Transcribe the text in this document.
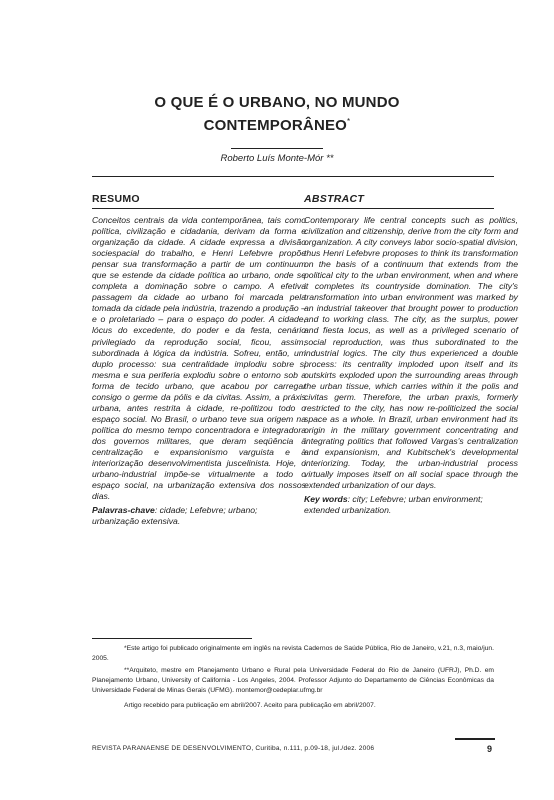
O QUE É O URBANO, NO MUNDO
CONTEMPORÂNEO*
Roberto Luís Monte-Mór **
RESUMO

Conceitos centrais da vida contemporânea, tais como política, civilização e cidadania, derivam da forma e organização da cidade. A cidade expressa a divisão sociespacial do trabalho, e Henri Lefebvre propõe pensar sua transformação a partir de um continuum que se estende da cidade política ao urbano, onde se completa a dominação sobre o campo. A efetiva passagem da cidade ao urbano foi marcada pela tomada da cidade pela indústria, trazendo a produção – e o proletariado – para o espaço do poder. A cidade, lócus do excedente, do poder e da festa, cenário privilegiado da reprodução social, ficou, assim, subordinada à lógica da indústria. Sofreu, então, um duplo processo: sua centralidade implodiu sobre si mesma e sua periferia explodiu sobre o entorno sob a forma de tecido urbano, que acabou por carregar consigo o germe da pólis e da civitas. Assim, a práxis urbana, antes restrita à cidade, re-politizou todo o espaço social. No Brasil, o urbano teve sua origem na política do mesmo tempo concentradora e integradora dos governos militares, que deram seqüência à centralização e expansionismo varguista e à interiorização desenvolvimentista juscelinista. Hoje, o urbano-industrial impõe-se virtualmente a todo o espaço social, na urbanização extensiva dos nossos dias.

Palavras-chave: cidade; Lefebvre; urbano; urbanização extensiva.
ABSTRACT

Contemporary life central concepts such as politics, civilization and citizenship, derive from the city form and organization. A city conveys labor socio-spatial division, thus Henri Lefebvre proposes to think its transformation on the basis of a continuum that extends from the political city to the urban environment, when and where it completes its countryside domination. The city's transformation into urban environment was marked by an industrial takeover that brought power to production and to working class. The city, as the surplus, power and fiesta locus, as well as a privileged scenario of social reproduction, was thus subordinated to the industrial logics. The city thus experienced a double process: its centrality imploded upon itself and its outskirts exploded upon the surrounding areas through the urban tissue, which carries within it the polis and civitas germ. Therefore, the urban praxis, formerly restricted to the city, has now re-politicized the social space as a whole. In Brazil, urban environment had its origin in the military government concentrating and integrating politics that followed Vargas's centralization and expansionism, and Kubitschek's developmental interiorizing. Today, the urban-industrial process virtually imposes itself on all social space through the extended urbanization of our days.

Key words: city; Lefebvre; urban environment; extended urbanization.
*Este artigo foi publicado originalmente em inglês na revista Cadernos de Saúde Pública, Rio de Janeiro, v.21, n.3, maio/jun. 2005.
**Arquiteto, mestre em Planejamento Urbano e Rural pela Universidade Federal do Rio de Janeiro (UFRJ), Ph.D. em Planejamento Urbano, University of California - Los Angeles, 2004. Professor Adjunto do Departamento de Ciências Econômicas da Universidade Federal de Minas Gerais (UFMG). montemor@cedeplar.ufmg.br
Artigo recebido para publicação em abril/2007. Aceito para publicação em abril/2007.
REVISTA PARANAENSE DE DESENVOLVIMENTO, Curitiba, n.111, p.09-18, jul./dez. 2006	9
